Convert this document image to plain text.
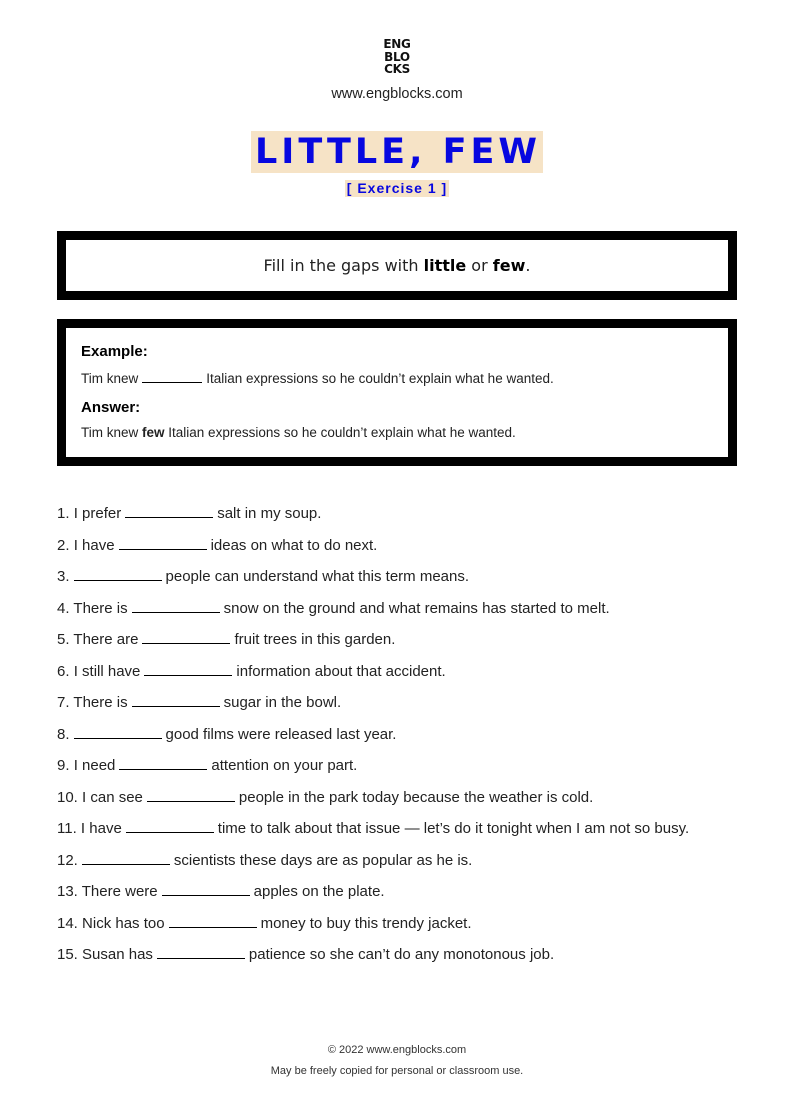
ENG
BLO
CKS
www.engblocks.com
LITTLE, FEW
[ Exercise 1 ]
Fill in the gaps with little or few.
Example:
Tim knew	Italian expressions so he couldn’t explain what he wanted.
Answer:
Tim knew few Italian expressions so he couldn’t explain what he wanted.
1. I prefer	salt in my soup.
2. I have	ideas on what to do next.
3.	people can understand what this term means.
4. There is	snow on the ground and what remains has started to melt.
5. There are	fruit trees in this garden.
6. I still have	information about that accident.
7. There is	sugar in the bowl.
8.	good films were released last year.
9. I need	attention on your part.
10. I can see	people in the park today because the weather is cold.
11. I have	time to talk about that issue — let’s do it tonight when I am not so busy.
12.	scientists these days are as popular as he is.
13. There were	apples on the plate.
14. Nick has too	money to buy this trendy jacket.
15. Susan has	patience so she can’t do any monotonous job.
© 2022 www.engblocks.com
May be freely copied for personal or classroom use.
